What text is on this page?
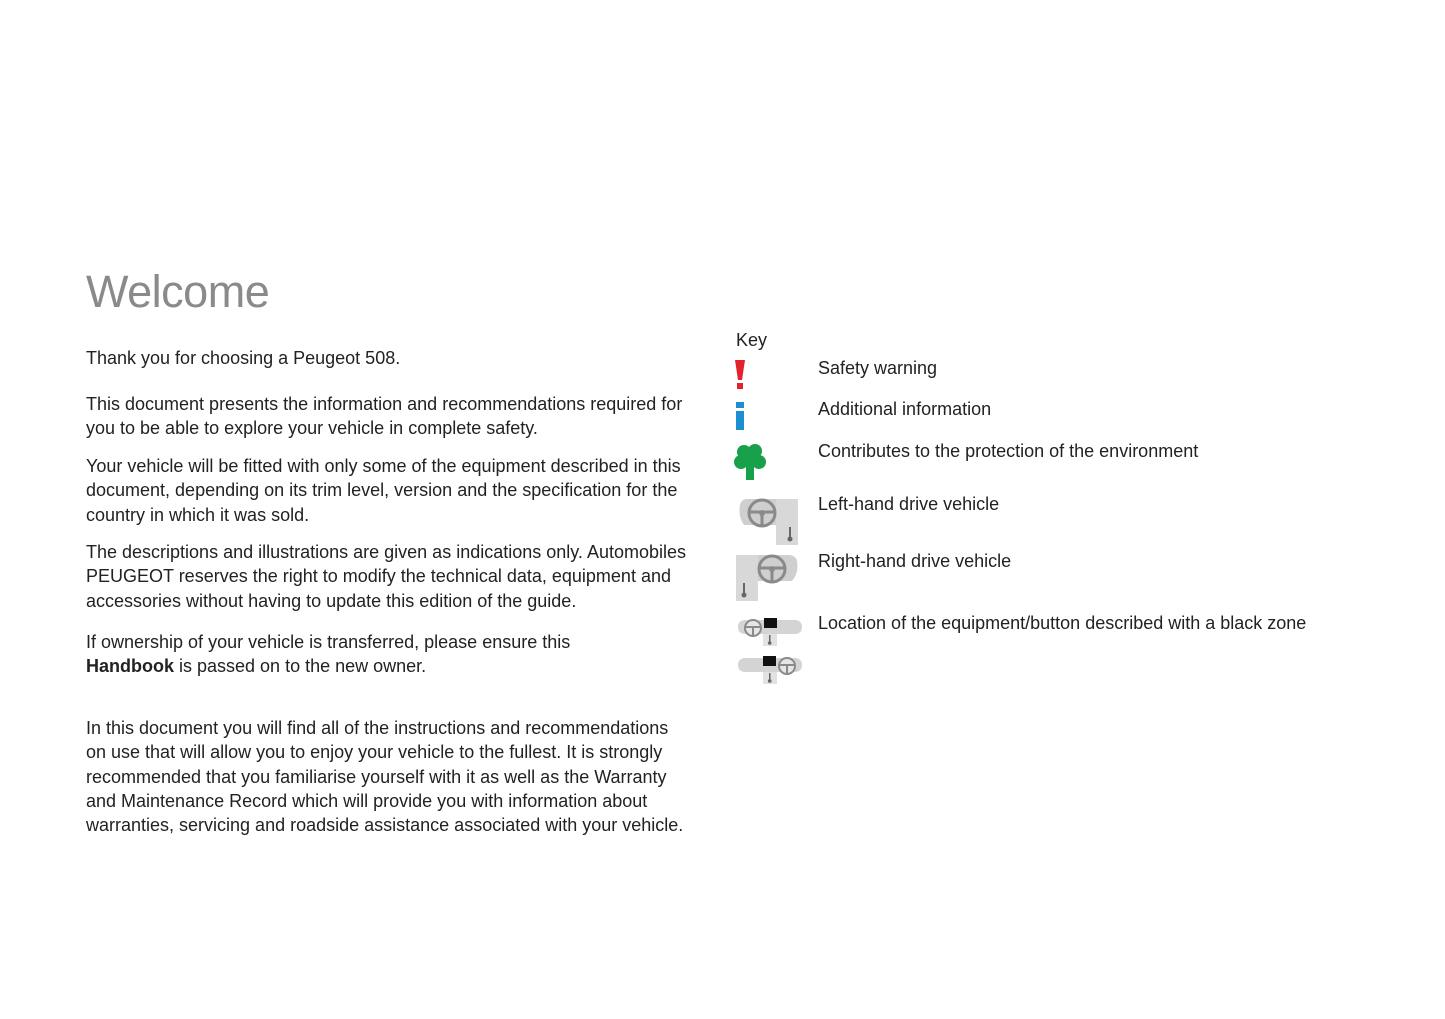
Welcome

Thank you for choosing a Peugeot 508.

This document presents the information and recommendations required for you to be able to explore your vehicle in complete safety.

Your vehicle will be fitted with only some of the equipment described in this document, depending on its trim level, version and the specification for the country in which it was sold.

The descriptions and illustrations are given as indications only. Automobiles PEUGEOT reserves the right to modify the technical data, equipment and accessories without having to update this edition of the guide.

If ownership of your vehicle is transferred, please ensure this
Handbook is passed on to the new owner.

In this document you will find all of the instructions and recommendations on use that will allow you to enjoy your vehicle to the fullest. It is strongly recommended that you familiarise yourself with it as well as the Warranty and Maintenance Record which will provide you with information about warranties, servicing and roadside assistance associated with your vehicle.

Key
Safety warning
Additional information
Contributes to the protection of the environment
Left-hand drive vehicle
Right-hand drive vehicle
Location of the equipment/button described with a black zone
